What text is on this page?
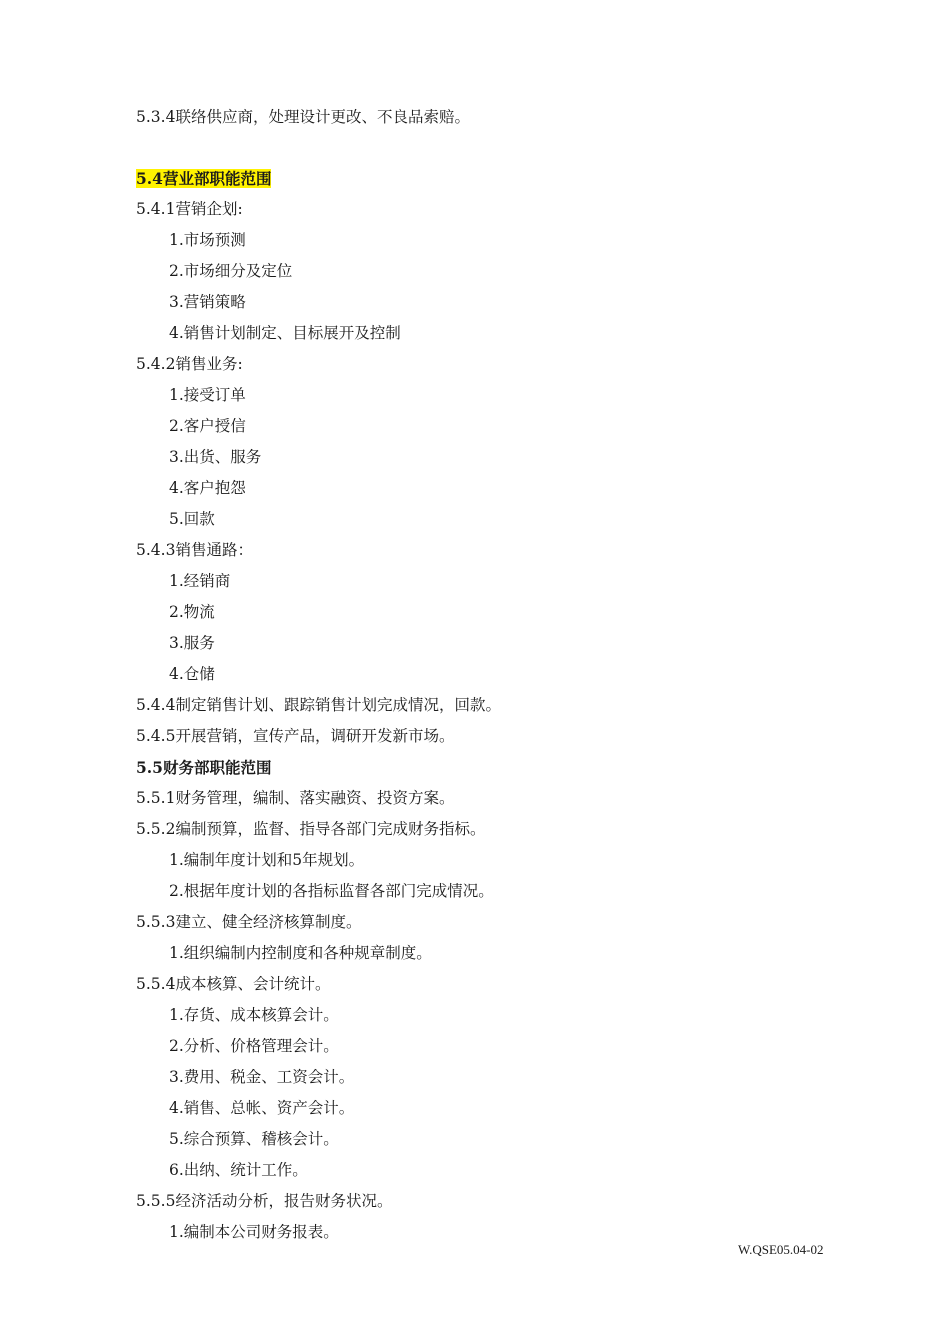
5.3.4联络供应商，处理设计更改、不良品索赔。
5.4营业部职能范围
5.4.1营销企划:
1.市场预测
2.市场细分及定位
3.营销策略
4.销售计划制定、目标展开及控制
5.4.2销售业务:
1.接受订单
2.客户授信
3.出货、服务
4.客户抱怨
5.回款
5.4.3销售通路：
1.经销商
2.物流
3.服务
4.仓储
5.4.4制定销售计划、跟踪销售计划完成情况，回款。
5.4.5开展营销，宣传产品，调研开发新市场。
5.5财务部职能范围
5.5.1财务管理，编制、落实融资、投资方案。
5.5.2编制预算，监督、指导各部门完成财务指标。
1.编制年度计划和5年规划。
2.根据年度计划的各指标监督各部门完成情况。
5.5.3建立、健全经济核算制度。
1.组织编制内控制度和各种规章制度。
5.5.4成本核算、会计统计。
1.存货、成本核算会计。
2.分析、价格管理会计。
3.费用、税金、工资会计。
4.销售、总帐、资产会计。
5.综合预算、稽核会计。
6.出纳、统计工作。
5.5.5经济活动分析，报告财务状况。
1.编制本公司财务报表。
W.QSE05.04-02
